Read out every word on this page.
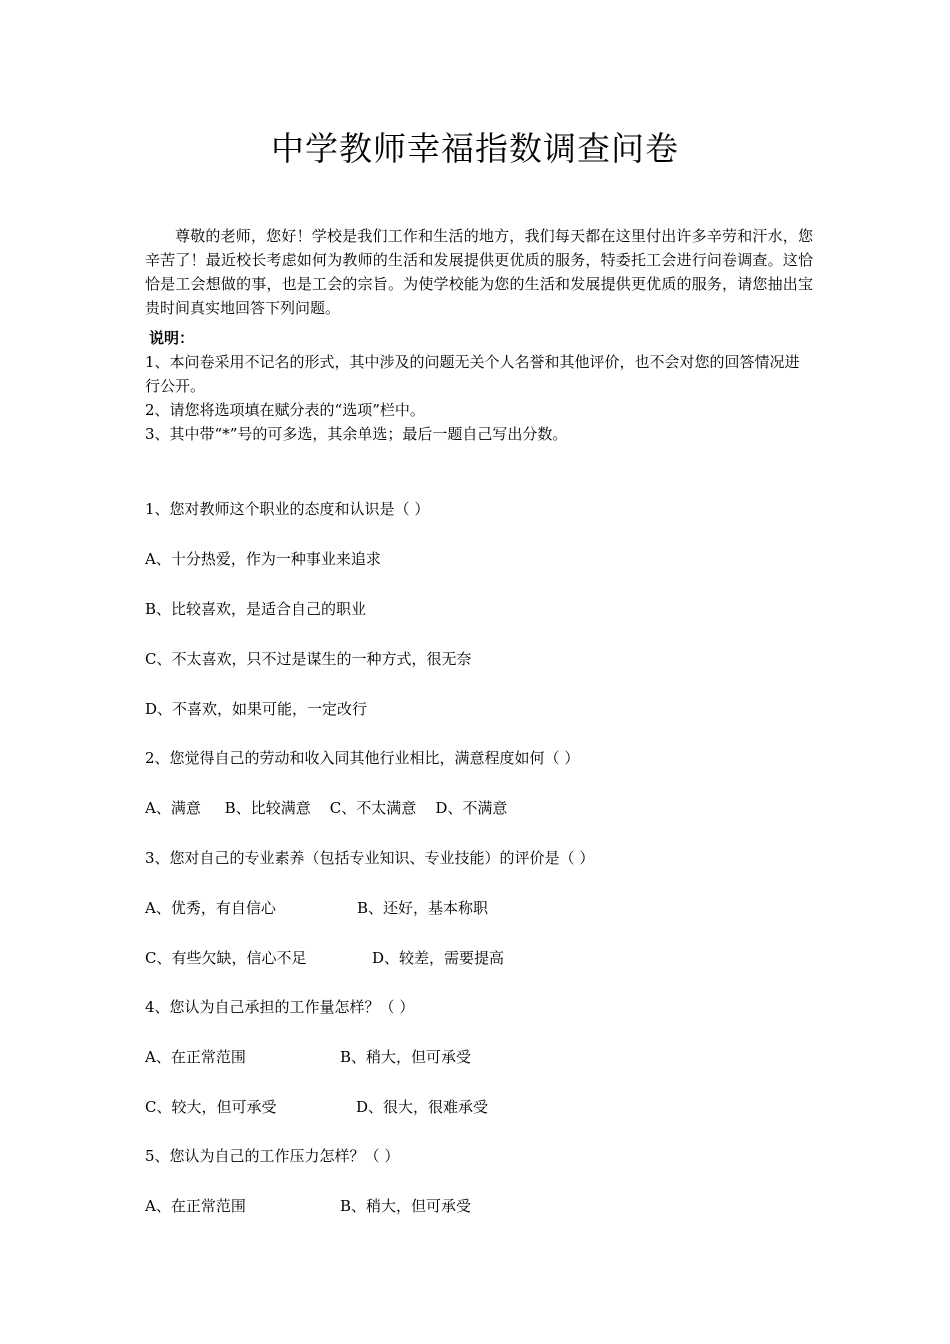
中学教师幸福指数调查问卷
尊敬的老师，您好！学校是我们工作和生活的地方，我们每天都在这里付出许多辛劳和汗水，您辛苦了！最近校长考虑如何为教师的生活和发展提供更优质的服务，特委托工会进行问卷调查。这恰恰是工会想做的事，也是工会的宗旨。为使学校能为您的生活和发展提供更优质的服务，请您抽出宝贵时间真实地回答下列问题。
说明：
1、本问卷采用不记名的形式，其中涉及的问题无关个人名誉和其他评价，也不会对您的回答情况进行公开。
2、请您将选项填在赋分表的“选项”栏中。
3、其中带“*”号的可多选，其余单选；最后一题自己写出分数。
1、您对教师这个职业的态度和认识是（ ）
A、十分热爱，作为一种事业来追求
B、比较喜欢，是适合自己的职业
C、不太喜欢，只不过是谋生的一种方式，很无奈
D、不喜欢，如果可能，一定改行
2、您觉得自己的劳动和收入同其他行业相比，满意程度如何（ ）
A、满意     B、比较满意    C、不太满意    D、不满意
3、您对自己的专业素养（包括专业知识、专业技能）的评价是（ ）
A、优秀，有自信心	B、还好，基本称职
C、有些欠缺，信心不足	D、较差，需要提高
4、您认为自己承担的工作量怎样？（ ）
A、在正常范围	B、稍大，但可承受
C、较大，但可承受	D、很大，很难承受
5、您认为自己的工作压力怎样？（ ）
A、在正常范围	B、稍大，但可承受
